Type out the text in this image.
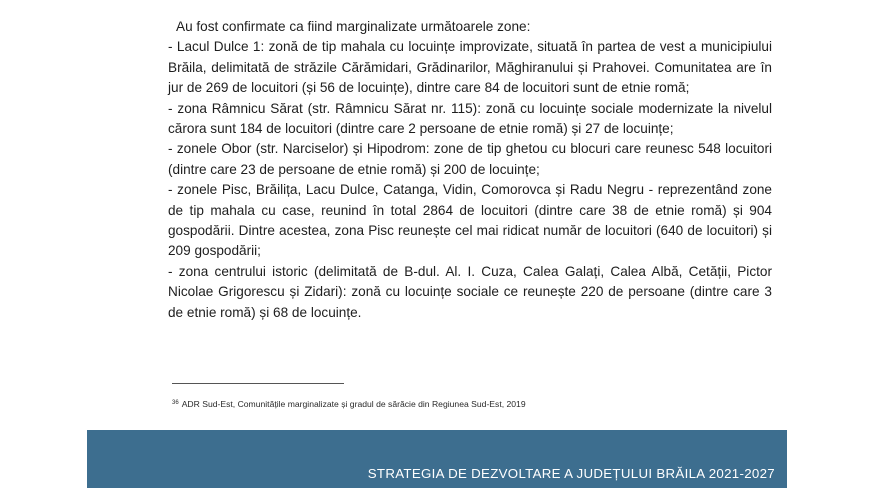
Au fost confirmate ca fiind marginalizate următoarele zone:

- Lacul Dulce 1: zonă de tip mahala cu locuințe improvizate, situată în partea de vest a municipiului Brăila, delimitată de străzile Cărămidari, Grădinarilor, Măghiranului și Prahovei. Comunitatea are în jur de 269 de locuitori (și 56 de locuințe), dintre care 84 de locuitori sunt de etnie romă;

- zona Râmnicu Sărat (str. Râmnicu Sărat nr. 115): zonă cu locuințe sociale modernizate la nivelul cărora sunt 184 de locuitori (dintre care 2 persoane de etnie romă) și 27 de locuințe;

- zonele Obor (str. Narciselor) și Hipodrom: zone de tip ghetou cu blocuri care reunesc 548 locuitori (dintre care 23 de persoane de etnie romă) și 200 de locuințe;

- zonele Pisc, Brăilița, Lacu Dulce, Catanga, Vidin, Comorovca și Radu Negru - reprezentând zone de tip mahala cu case, reunind în total 2864 de locuitori (dintre care 38 de etnie romă) și 904 gospodării. Dintre acestea, zona Pisc reunește cel mai ridicat număr de locuitori (640 de locuitori) și 209 gospodării;

- zona centrului istoric (delimitată de B-dul. Al. I. Cuza, Calea Galați, Calea Albă, Cetății, Pictor Nicolae Grigorescu și Zidari): zonă cu locuințe sociale ce reunește 220 de persoane (dintre care 3 de etnie romă) și 68 de locuințe.

$^{36}$ ADR Sud-Est, Comunitățile marginalizate și gradul de sărăcie din Regiunea Sud-Est, 2019
STRATEGIA DE DEZVOLTARE A JUDEȚULUI BRĂILA 2021-2027
